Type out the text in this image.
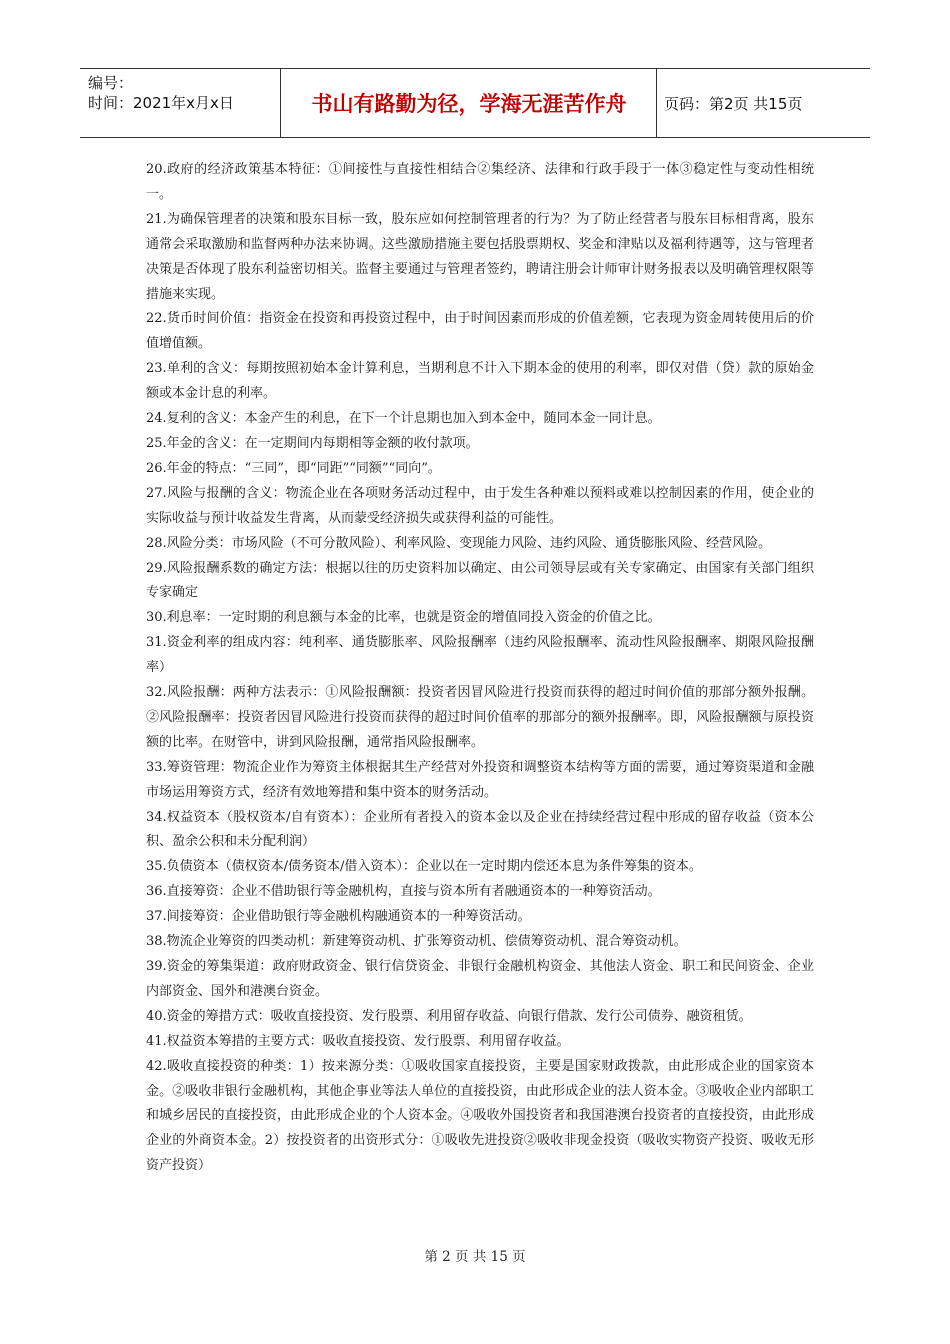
编号：
时间：2021年x月x日	书山有路勤为径，学海无涯苦作舟	页码：第2页 共15页

20.政府的经济政策基本特征：①间接性与直接性相结合②集经济、法律和行政手段于一体③稳定性与变动性相统一。

21.为确保管理者的决策和股东目标一致，股东应如何控制管理者的行为？为了防止经营者与股东目标相背离，股东通常会采取激励和监督两种办法来协调。这些激励措施主要包括股票期权、奖金和津贴以及福利待遇等，这与管理者决策是否体现了股东利益密切相关。监督主要通过与管理者签约，聘请注册会计师审计财务报表以及明确管理权限等措施来实现。

22.货币时间价值：指资金在投资和再投资过程中，由于时间因素而形成的价值差额，它表现为资金周转使用后的价值增值额。

23.单利的含义：每期按照初始本金计算利息，当期利息不计入下期本金的使用的利率，即仅对借（贷）款的原始金额或本金计息的利率。

24.复利的含义：本金产生的利息，在下一个计息期也加入到本金中，随同本金一同计息。

25.年金的含义：在一定期间内每期相等金额的收付款项。

26.年金的特点：“三同”，即“同距”“同额”“同向”。

27.风险与报酬的含义：物流企业在各项财务活动过程中，由于发生各种难以预料或难以控制因素的作用，使企业的实际收益与预计收益发生背离，从而蒙受经济损失或获得利益的可能性。

28.风险分类：市场风险（不可分散风险）、利率风险、变现能力风险、违约风险、通货膨胀风险、经营风险。

29.风险报酬系数的确定方法：根据以往的历史资料加以确定、由公司领导层或有关专家确定、由国家有关部门组织专家确定

30.利息率：一定时期的利息额与本金的比率，也就是资金的增值同投入资金的价值之比。

31.资金利率的组成内容：纯利率、通货膨胀率、风险报酬率（违约风险报酬率、流动性风险报酬率、期限风险报酬率）

32.风险报酬：两种方法表示：①风险报酬额：投资者因冒风险进行投资而获得的超过时间价值的那部分额外报酬。②风险报酬率：投资者因冒风险进行投资而获得的超过时间价值率的那部分的额外报酬率。即，风险报酬额与原投资额的比率。在财管中，讲到风险报酬，通常指风险报酬率。

33.筹资管理：物流企业作为筹资主体根据其生产经营对外投资和调整资本结构等方面的需要，通过筹资渠道和金融市场运用筹资方式，经济有效地筹措和集中资本的财务活动。

34.权益资本（股权资本/自有资本）：企业所有者投入的资本金以及企业在持续经营过程中形成的留存收益（资本公积、盈余公积和未分配利润）

35.负债资本（债权资本/债务资本/借入资本）：企业以在一定时期内偿还本息为条件筹集的资本。

36.直接筹资：企业不借助银行等金融机构，直接与资本所有者融通资本的一种筹资活动。

37.间接筹资：企业借助银行等金融机构融通资本的一种筹资活动。

38.物流企业筹资的四类动机：新建筹资动机、扩张筹资动机、偿债筹资动机、混合筹资动机。

39.资金的筹集渠道：政府财政资金、银行信贷资金、非银行金融机构资金、其他法人资金、职工和民间资金、企业内部资金、国外和港澳台资金。

40.资金的筹措方式：吸收直接投资、发行股票、利用留存收益、向银行借款、发行公司债券、融资租赁。

41.权益资本筹措的主要方式：吸收直接投资、发行股票、利用留存收益。

42.吸收直接投资的种类：1）按来源分类：①吸收国家直接投资，主要是国家财政拨款，由此形成企业的国家资本金。②吸收非银行金融机构，其他企事业等法人单位的直接投资，由此形成企业的法人资本金。③吸收企业内部职工和城乡居民的直接投资，由此形成企业的个人资本金。④吸收外国投资者和我国港澳台投资者的直接投资，由此形成企业的外商资本金。2）按投资者的出资形式分：①吸收先进投资②吸收非现金投资（吸收实物资产投资、吸收无形资产投资）

第 2 页 共 15 页
